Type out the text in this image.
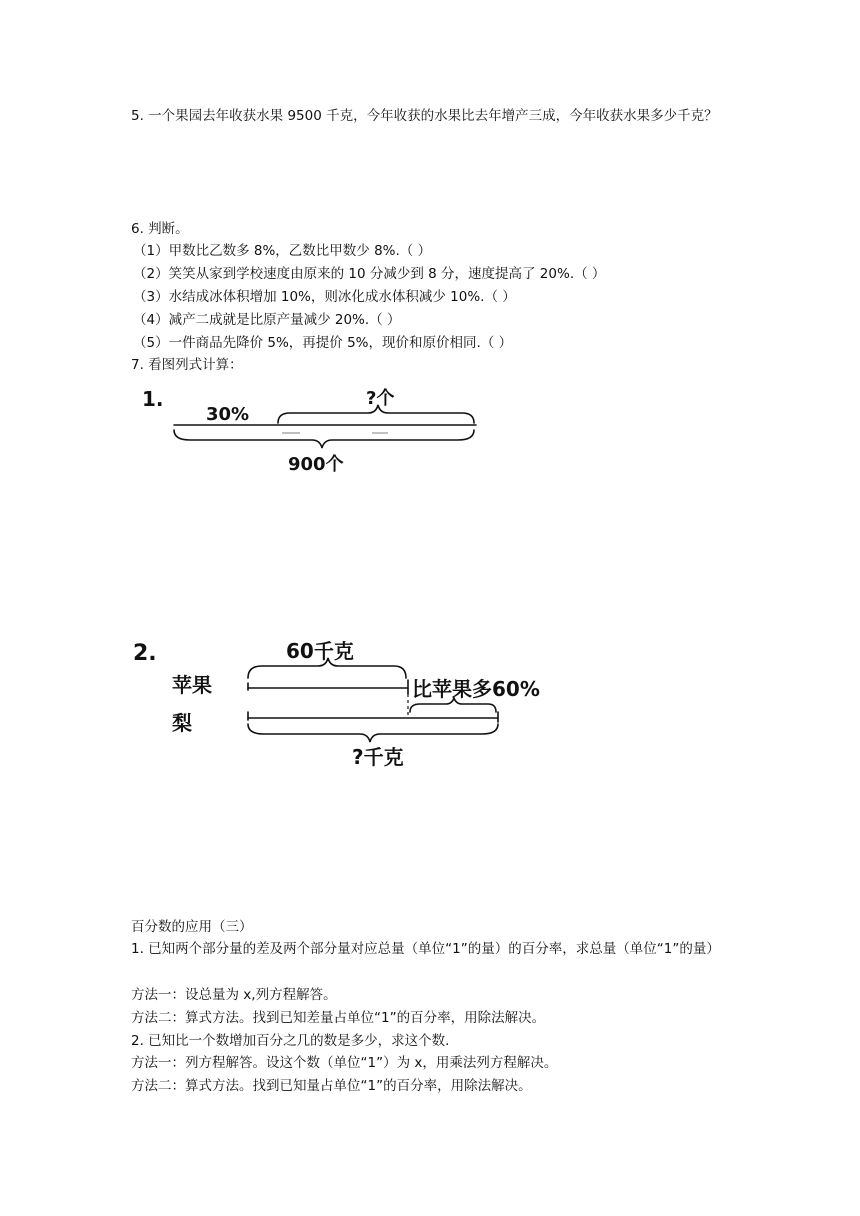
5. 一个果园去年收获水果 9500 千克，今年收获的水果比去年增产三成，今年收获水果多少千克？
6. 判断。
（1）甲数比乙数多 8%，乙数比甲数少 8%.（ ）
（2）笑笑从家到学校速度由原来的 10 分减少到 8 分，速度提高了 20%.（ ）
（3）水结成冰体积增加 10%，则冰化成水体积减少 10%.（ ）
（4）减产二成就是比原产量减少 20%.（ ）
（5）一件商品先降价 5%，再提价 5%，现价和原价相同.（ ）
7. 看图列式计算：
1.
30%
?个
900个
2.	60千克
苹果	比苹果多60%
梨
?千克
百分数的应用（三）
1. 已知两个部分量的差及两个部分量对应总量（单位“1”的量）的百分率，求总量（单位“1”的量）
方法一：设总量为 x,列方程解答。
方法二：算式方法。找到已知差量占单位“1”的百分率，用除法解决。
2. 已知比一个数增加百分之几的数是多少，求这个数.
方法一：列方程解答。设这个数（单位“1”）为 x，用乘法列方程解决。
方法二：算式方法。找到已知量占单位“1”的百分率，用除法解决。
